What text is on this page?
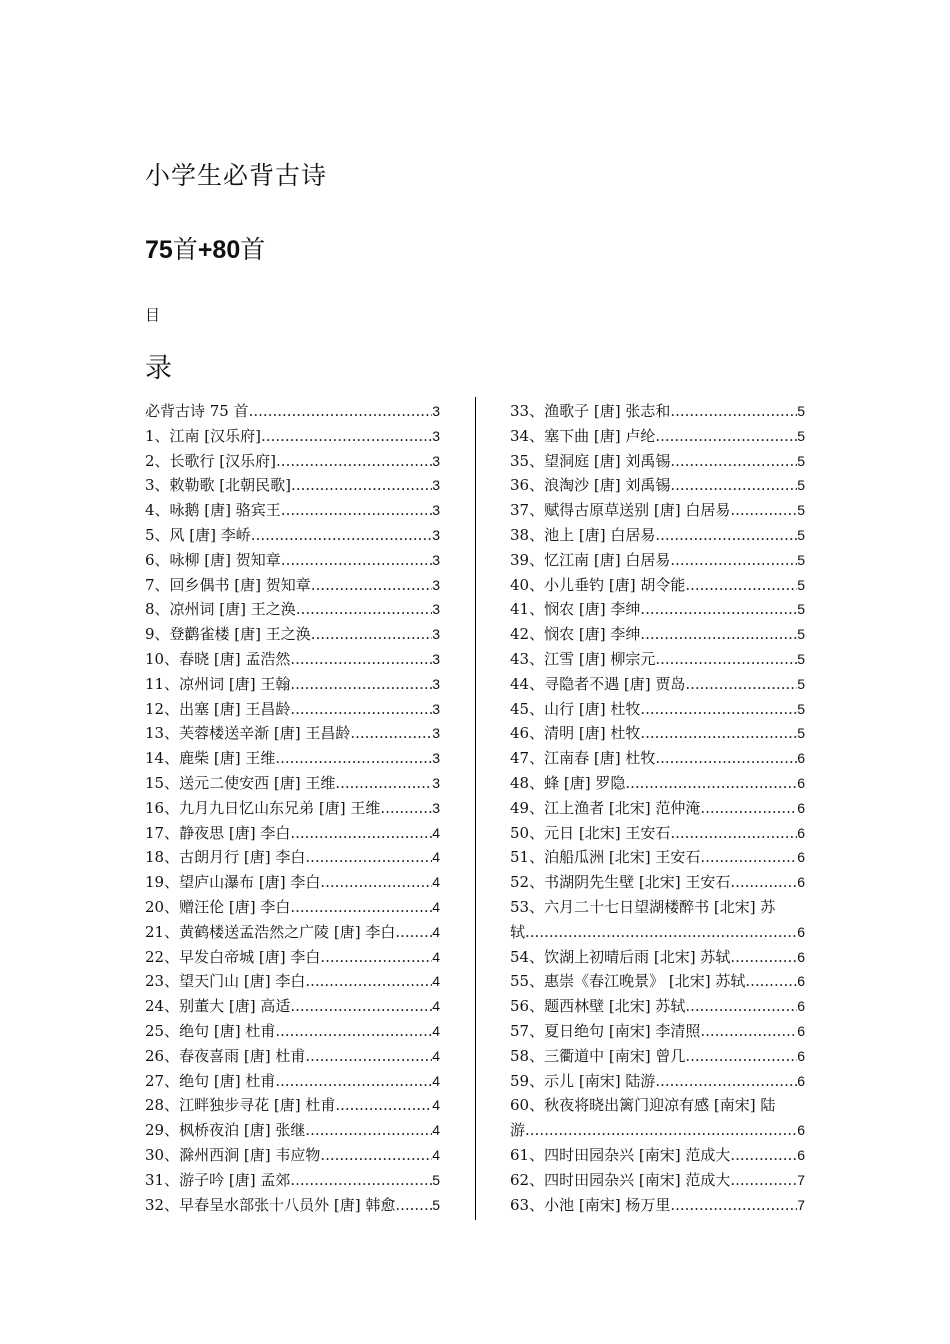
小学生必背古诗
75首+80首
目
录
必背古诗 75 首 .....	3
1、江南 [汉乐府] .....	3
2、长歌行 [汉乐府] .....	3
3、敕勒歌 [北朝民歌] .....	3
4、咏鹅 [唐] 骆宾王 .....	3
5、风 [唐] 李峤 .....	3
6、咏柳 [唐] 贺知章 .....	3
7、回乡偶书 [唐] 贺知章 .....	3
8、凉州词 [唐] 王之涣 .....	3
9、登鹳雀楼 [唐] 王之涣 .....	3
10、春晓 [唐] 孟浩然 .....	3
11、凉州词 [唐] 王翰 .....	3
12、出塞 [唐] 王昌龄 .....	3
13、芙蓉楼送辛渐 [唐] 王昌龄 .....	3
14、鹿柴 [唐] 王维 .....	3
15、送元二使安西 [唐] 王维 .....	3
16、九月九日忆山东兄弟 [唐] 王维 .....	3
17、静夜思 [唐] 李白 .....	4
18、古朗月行 [唐] 李白 .....	4
19、望庐山瀑布 [唐] 李白 .....	4
20、赠汪伦 [唐] 李白 .....	4
21、黄鹤楼送孟浩然之广陵 [唐] 李白. ..... 4
22、早发白帝城 [唐] 李白 .....	4
23、望天门山 [唐] 李白 .....	4
24、别董大 [唐] 高适 .....	4
25、绝句 [唐] 杜甫 .....	4
26、春夜喜雨 [唐] 杜甫 .....	4
27、绝句 [唐] 杜甫 .....	4
28、江畔独步寻花 [唐] 杜甫 .....	4
29、枫桥夜泊 [唐] 张继 .....	4
30、滁州西涧 [唐] 韦应物 .....	4
31、游子吟 [唐] 孟郊 .....	5
32、早春呈水部张十八员外 [唐] 韩愈 .....	5
33、渔歌子 [唐] 张志和 .....	5
34、塞下曲 [唐] 卢纶 .....	5
35、望洞庭 [唐] 刘禹锡 .....	5
36、浪淘沙 [唐] 刘禹锡 .....	5
37、赋得古原草送别 [唐] 白居易 .....	5
38、池上 [唐] 白居易 .....	5
39、忆江南 [唐] 白居易 .....	5
40、小儿垂钓 [唐] 胡令能 .....	5
41、悯农 [唐] 李绅 .....	5
42、悯农 [唐] 李绅 .....	5
43、江雪 [唐] 柳宗元 .....	5
44、寻隐者不遇 [唐] 贾岛 .....	5
45、山行 [唐] 杜牧 .....	5
46、清明 [唐] 杜牧 .....	5
47、江南春 [唐] 杜牧 .....	6
48、蜂 [唐] 罗隐 .....	6
49、江上渔者 [北宋] 范仲淹 .....	6
50、元日 [北宋] 王安石 .....	6
51、泊船瓜洲 [北宋] 王安石 .....	6
52、书湖阴先生壁 [北宋] 王安石 .....	6
53、六月二十七日望湖楼醉书 [北宋] 苏
轼 .....	6
54、饮湖上初晴后雨 [北宋] 苏轼 .....	6
55、惠崇《春江晚景》 [北宋] 苏轼 .....	6
56、题西林壁 [北宋] 苏轼 .....	6
57、夏日绝句 [南宋] 李清照 .....	6
58、三衢道中 [南宋] 曾几 .....	6
59、示儿 [南宋] 陆游 .....	6
60、秋夜将晓出篱门迎凉有感 [南宋] 陆
游 .....	6
61、四时田园杂兴 [南宋] 范成大 .....	6
62、四时田园杂兴 [南宋] 范成大 .....	7
63、小池 [南宋] 杨万里 .....	7
